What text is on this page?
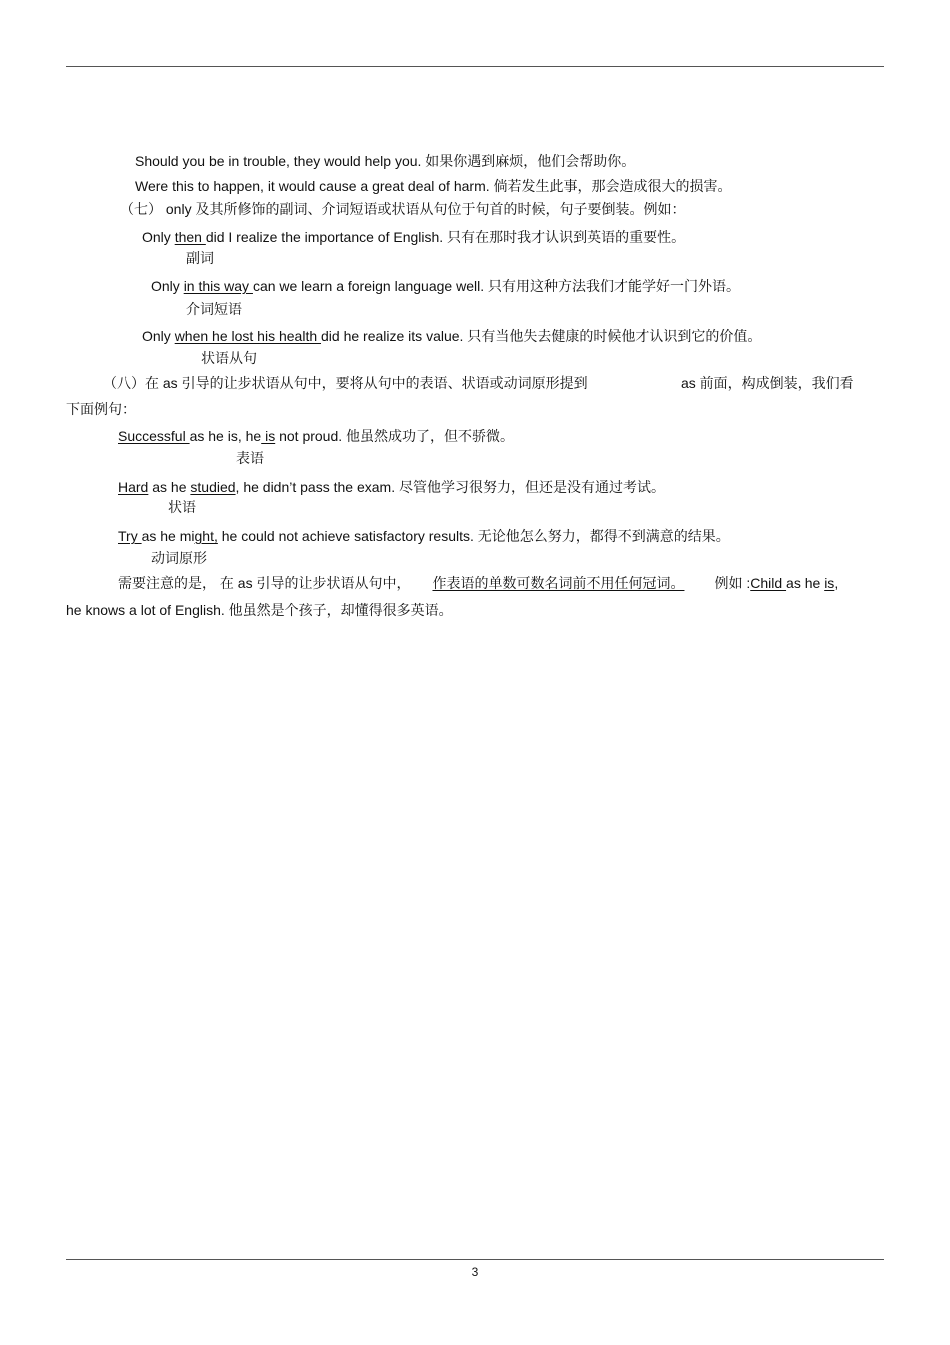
Should you be in trouble, they would help you. 如果你遇到麻烦，他们会帮助你。
Were this to happen, it would cause a great deal of harm. 倘若发生此事，那会造成很大的损害。
（七） only 及其所修饰的副词、介词短语或状语从句位于句首的时候，句子要倒装。例如：
Only then did I realize the importance of English. 只有在那时我才认识到英语的重要性。
副词
Only in this way can we learn a foreign language well. 只有用这种方法我们才能学好一门外语。
介词短语
Only when he lost his health did he realize its value. 只有当他失去健康的时候他才认识到它的价值。
状语从句
（八）在 as 引导的让步状语从句中，要将从句中的表语、状语或动词原形提到	as 前面，构成倒装，我们看
下面例句：
Successful as he is, he is not proud. 他虽然成功了，但不骄微。
表语
Hard as he studied, he didn’t pass the exam. 尽管他学习很努力，但还是没有通过考试。
状语
Try as he might, he could not achieve satisfactory results. 无论他怎么努力，都得不到满意的结果。
动词原形
需要注意的是， 在 as 引导的让步状语从句中， 作表语的单数可数名词前不用任何冠词。 例如 :Child as he is,
he knows a lot of English. 他虽然是个孩子，却懂得很多英语。
3
